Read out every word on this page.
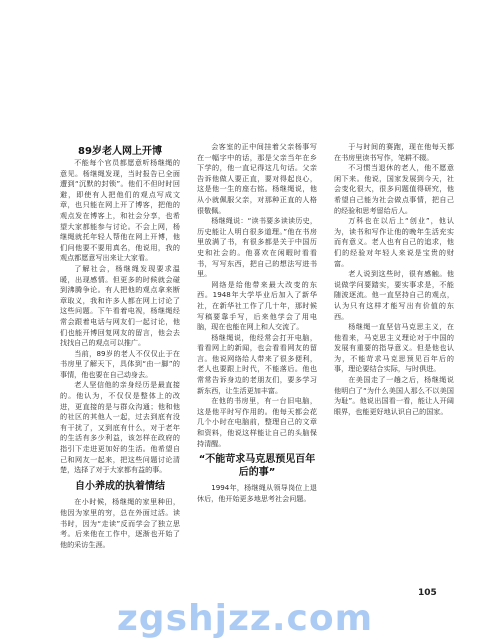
89岁老人网上开博

不能每个官员都愿意听杨继绳的意见。杨继绳发现，当时报告已全面遭到“沉默的封锁”。他们不但时时回避，即使有人把他们的观点写成文章，也只能在网上开了博客，把他的观点发在博客上，和社会分享，也希望大家都能参与讨论。不会上网，杨继绳就托年轻人帮他在网上开博，他们问他要不要用真名，他说用，我的观点都愿意写出来让大家看。

了解社会，杨继绳发现要求温暖，出现感情。但更多的时候就会碰到沸腾争论。有人把他的观点拿来断章取义，我和许多人都在网上讨论了这些问题。下午看着电视，杨继绳经常会跟着电话与网友们一起讨论，他们也能开博回复网友的留言，他会去找找自己的观点可以推广。

当前，89岁的老人不仅仅止于在书房里了解天下，具体到“由一脚”的事情，他也要在自己动身去。

老人坚信他的亲身经历是最直接的。他认为，不仅仅是整体上的改进，更直接的是与群众沟通；他和他的社区的其他人一起，过去到底有没有干扰了，又到底有什么，对于老年的生活有多少利益，该怎样在政府的指引下走进更加好的生活。他希望自己和网友一起来，把这些问题讨论清楚，选择了对于大家都有益的事。

自小养成的执着情结

在小时候，杨继绳的家里种田，他因为家里的穷，总在外面过活。读书时，因为“走读”反而学会了独立思考。后来他在工作中，逐渐也开始了他的采访生涯。

会客室的正中间挂着父亲杨事写在一幅字中的话，那是父亲当年在乡下学的，他一直记得这几句话。父亲告诉他做人要正直，要对得起良心，这是他一生的座右铭。杨继绳说，他从小就佩服父亲，对那种正直的人格很敬佩。

杨继绳说：“读书要多读读历史，历史能让人明白很多道理。”他在书房里放满了书，有很多都是关于中国历史和社会的。他喜欢在闲暇时看看书，写写东西，把自己的想法写进书里。

网络是给他带来最大改变的东西。1948年大学毕业后加入了新华社，在新华社工作了几十年，那时候写稿要靠手写，后来他学会了用电脑，现在也能在网上和人交流了。

杨继绳说，他经常会打开电脑，看看网上的新闻，也会看看网友的留言。他说网络给人带来了很多便利，老人也要跟上时代，不能落后。他也常常告诉身边的老朋友们，要多学习新东西，让生活更加丰富。

在他的书房里，有一台旧电脑，这是他平时写作用的。他每天都会花几个小时在电脑前，整理自己的文章和资料，他说这样能让自己的头脑保持清醒。

“不能苛求马克思预见百年
后的事”

1994年，杨继绳从领导岗位上退休后，他开始更多地思考社会问题。

于与时间的赛跑，现在他每天都在书房里读书写作，笔耕不辍。

不习惯当退休的老人，他不愿意闲下来。他说，国家发展到今天，社会变化很大，很多问题值得研究，他希望自己能为社会做点事情，把自己的经验和思考留给后人。

万科也在以后上“创业”，他认为，读书和写作让他的晚年生活充实而有意义。老人也有自己的追求，他们的经验对年轻人来说是宝贵的财富。

老人说到这些时，很有感触。他说做学问要踏实，要实事求是，不能随波逐流。他一直坚持自己的观点，认为只有这样才能写出有价值的东西。

杨继绳一直坚信马克思主义，在他看来，马克思主义理论对于中国的发展有重要的指导意义。但是他也认为，不能苛求马克思预见百年后的事，理论要结合实际，与时俱进。

在美国走了一趟之后，杨继绳说他明白了“为什么美国人那么不以美国为耻”。他说出国看一看，能让人开阔眼界，也能更好地认识自己的国家。

105
zgshjzz.com
